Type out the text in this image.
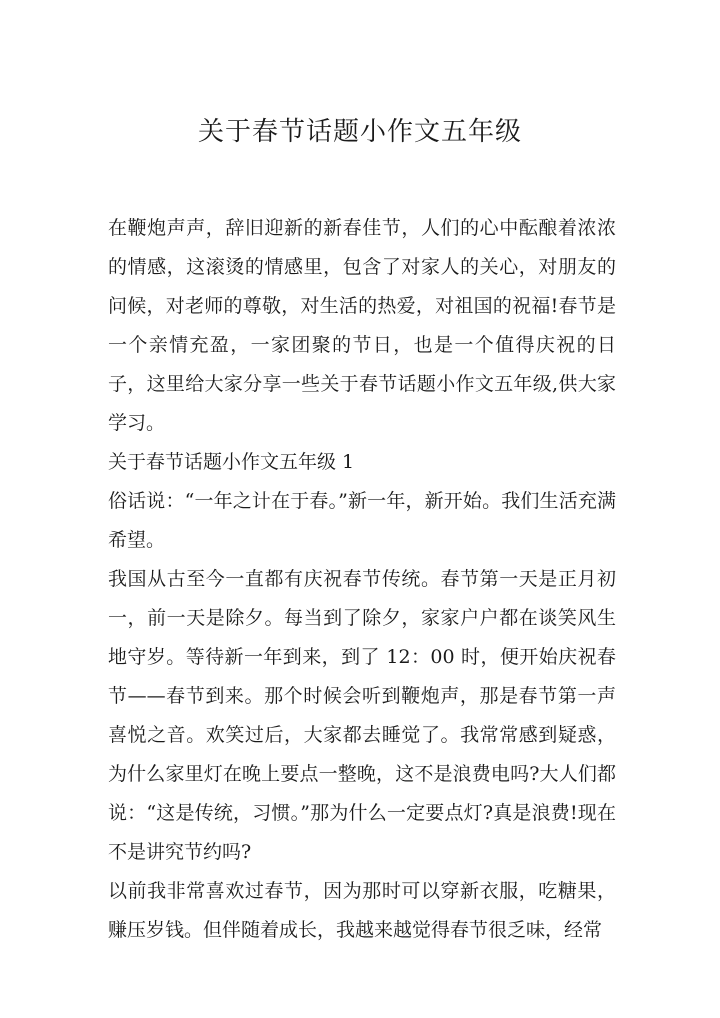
关于春节话题小作文五年级

在鞭炮声声，辞旧迎新的新春佳节，人们的心中酝酿着浓浓的情感，这滚烫的情感里，包含了对家人的关心，对朋友的问候，对老师的尊敬，对生活的热爱，对祖国的祝福!春节是一个亲情充盈，一家团聚的节日，也是一个值得庆祝的日子，这里给大家分享一些关于春节话题小作文五年级,供大家学习。

关于春节话题小作文五年级 1

俗话说：“一年之计在于春。”新一年，新开始。我们生活充满希望。

我国从古至今一直都有庆祝春节传统。春节第一天是正月初一，前一天是除夕。每当到了除夕，家家户户都在谈笑风生地守岁。等待新一年到来，到了 12：00 时，便开始庆祝春节——春节到来。那个时候会听到鞭炮声，那是春节第一声喜悦之音。欢笑过后，大家都去睡觉了。我常常感到疑惑，为什么家里灯在晚上要点一整晚，这不是浪费电吗?大人们都说：“这是传统，习惯。”那为什么一定要点灯?真是浪费!现在不是讲究节约吗?

以前我非常喜欢过春节，因为那时可以穿新衣服，吃糖果，赚压岁钱。但伴随着成长，我越来越觉得春节很乏味，经常
